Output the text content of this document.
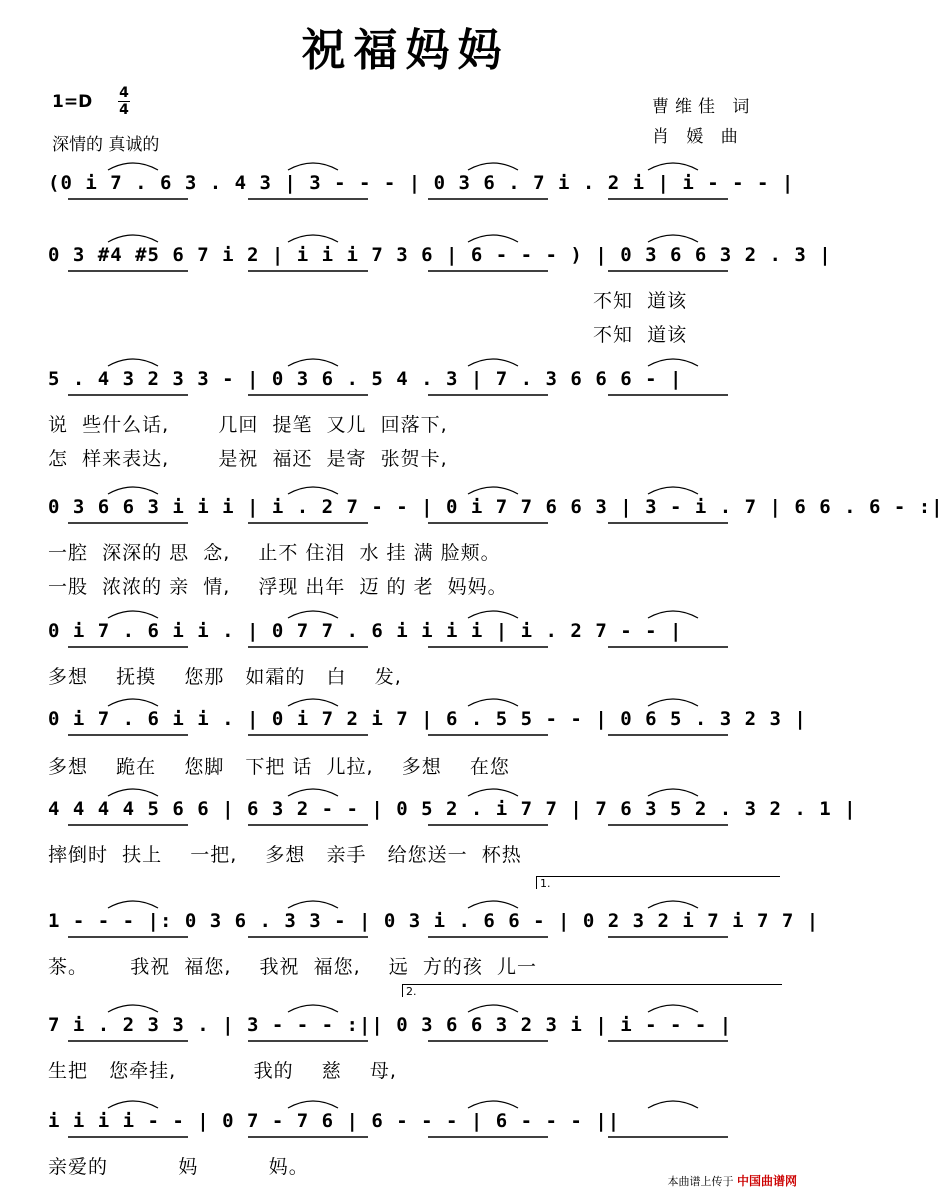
祝福妈妈
1=D 4
4
深情的 真诚的
曹维佳 词
肖 媛 曲
(0 i 7 . 6 3 . 4 3 | 3 - - - | 0 3 6 . 7 i . 2 i | i - - - |
0 3 #4 #5 6 7 i 2 | i i i 7 3 6 | 6 - - - ) | 0 3 6 6 3 2 . 3 |
不知  道该
不知  道该
5 . 4 3 2 3 3 - | 0 3 6 . 5 4 . 3 | 7 . 3 6 6 6 - |
说  些什么话,       几回  提笔  又儿  回落下,
怎  样来表达,       是祝  福还  是寄  张贺卡,
0 3 6 6 3 i i i | i . 2 7 - - | 0 i 7 7 6 6 3 | 3 - i . 7 | 6 6 . 6 - :|
一腔  深深的 思  念,    止不 住泪  水 挂 满 脸颊。
一股  浓浓的 亲  情,    浮现 出年  迈 的 老  妈妈。
0 i 7 . 6 i i . | 0 7 7 . 6 i i i i | i . 2 7 - - |
多想    抚摸    您那   如霜的   白    发,
0 i 7 . 6 i i . | 0 i 7 2 i 7 | 6 . 5 5 - - | 0 6 5 . 3 2 3 |
多想    跪在    您脚   下把 话  儿拉,    多想    在您
4 4 4 4 5 6 6 | 6 3 2 - - | 0 5 2 . i 7 7 | 7 6 3 5 2 . 3 2 . 1 |
摔倒时  扶上    一把,    多想   亲手   给您送一  杯热
1 - - - |: 0 3 6 . 3 3 - | 0 3 i . 6 6 - | 0 2 3 2 i 7 i 7 7 |
茶。      我祝  福您,    我祝  福您,    远  方的孩  儿一
7 i . 2 3 3 . | 3 - - - :|| 0 3 6 6 3 2 3 i | i - - - |
生把   您牵挂,           我的    慈    母,
i i i i - - | 0 7 - 7 6 | 6 - - - | 6 - - - ||
亲爱的          妈          妈。
1.
2.
本曲谱上传于 中国曲谱网
